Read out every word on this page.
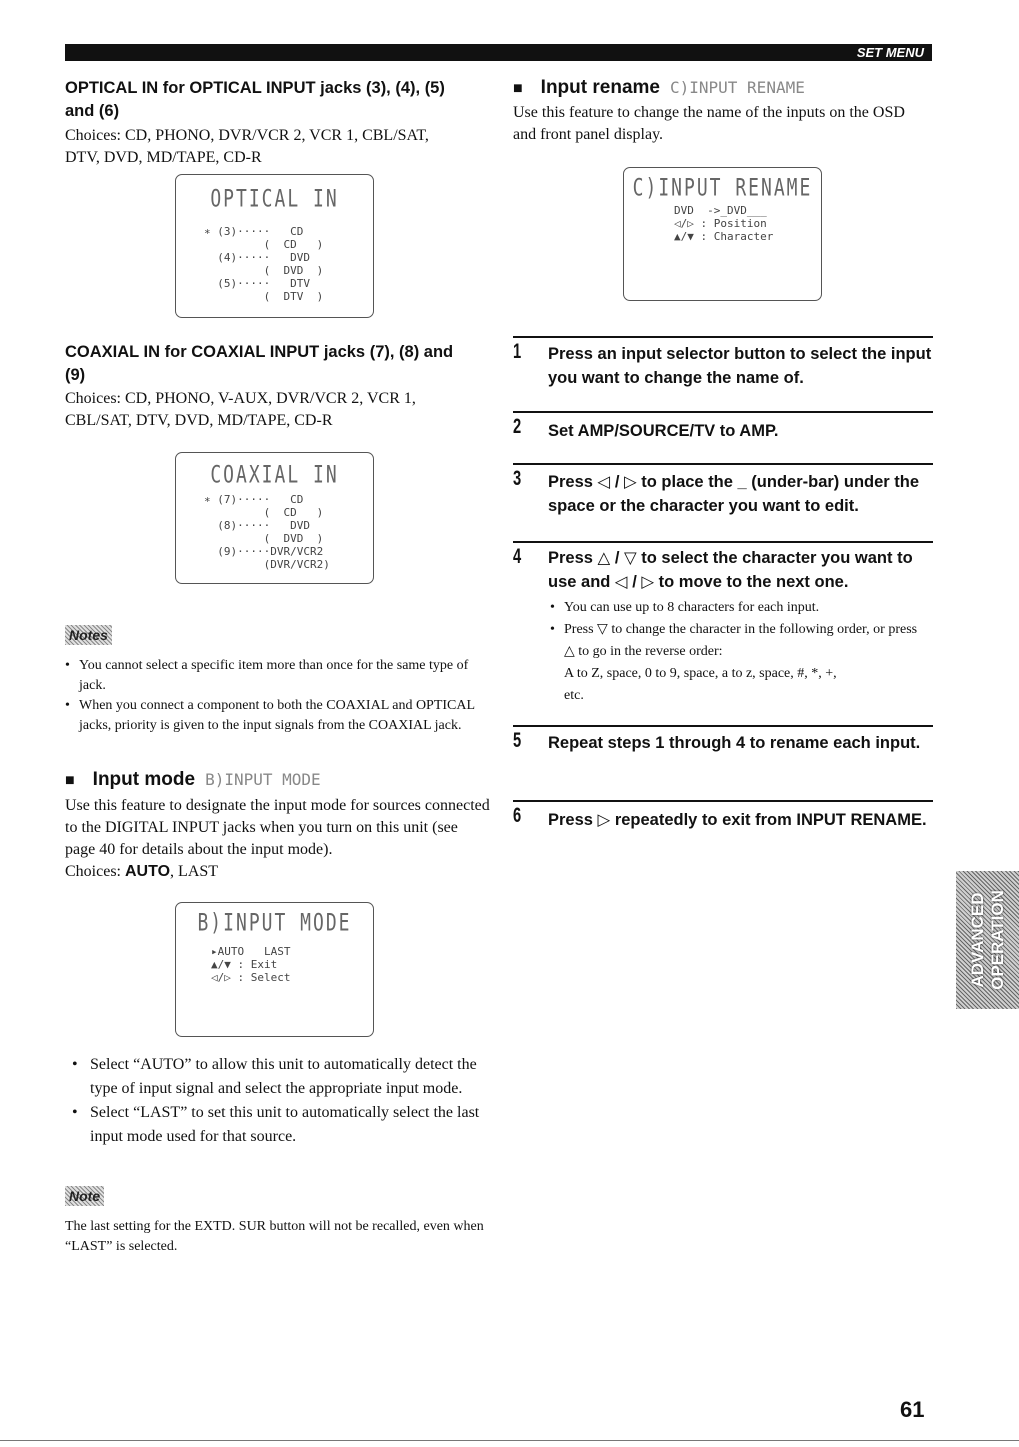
SET MENU
OPTICAL IN for OPTICAL INPUT jacks (3), (4), (5)
and (6)
Choices: CD, PHONO, DVR/VCR 2, VCR 1, CBL/SAT,
DTV, DVD, MD/TAPE, CD-R
OPTICAL IN
∗ (3)·····   CD
(  CD   )
(4)·····   DVD
(  DVD  )
(5)·····   DTV
(  DTV  )
COAXIAL IN for COAXIAL INPUT jacks (7), (8) and
(9)
Choices: CD, PHONO, V-AUX, DVR/VCR 2, VCR 1,
CBL/SAT, DTV, DVD, MD/TAPE, CD-R
COAXIAL IN
∗ (7)·····   CD
(  CD   )
(8)·····   DVD
(  DVD  )
(9)·····DVR/VCR2
(DVR/VCR2)
Notes
• You cannot select a specific item more than once for the same type of jack.
• When you connect a component to both the COAXIAL and OPTICAL jacks, priority is given to the input signals from the COAXIAL jack.
■ Input mode B)INPUT MODE
Use this feature to designate the input mode for sources connected to the DIGITAL INPUT jacks when you turn on this unit (see page 40 for details about the input mode).
Choices: AUTO, LAST
B)INPUT MODE
▸AUTO   LAST
▲/▼ : Exit
◁/▷ : Select
• Select “AUTO” to allow this unit to automatically detect the type of input signal and select the appropriate input mode.
• Select “LAST” to set this unit to automatically select the last input mode used for that source.
Note
The last setting for the EXTD. SUR button will not be recalled, even when “LAST” is selected.
■ Input rename C)INPUT RENAME
Use this feature to change the name of the inputs on the OSD and front panel display.
C)INPUT RENAME
DVD  ->_DVD___
◁/▷ : Position
▲/▼ : Character
1 Press an input selector button to select the input you want to change the name of.
2 Set AMP/SOURCE/TV to AMP.
3 Press ◁ / ▷ to place the _ (under-bar) under the space or the character you want to edit.
4 Press △ / ▽ to select the character you want to use and ◁ / ▷ to move to the next one.
• You can use up to 8 characters for each input.
• Press ▽ to change the character in the following order, or press △ to go in the reverse order:
A to Z, space, 0 to 9, space, a to z, space, #, *, +,
etc.
5 Repeat steps 1 through 4 to rename each input.
6 Press ▷ repeatedly to exit from INPUT RENAME.
ADVANCED
OPERATION
61
